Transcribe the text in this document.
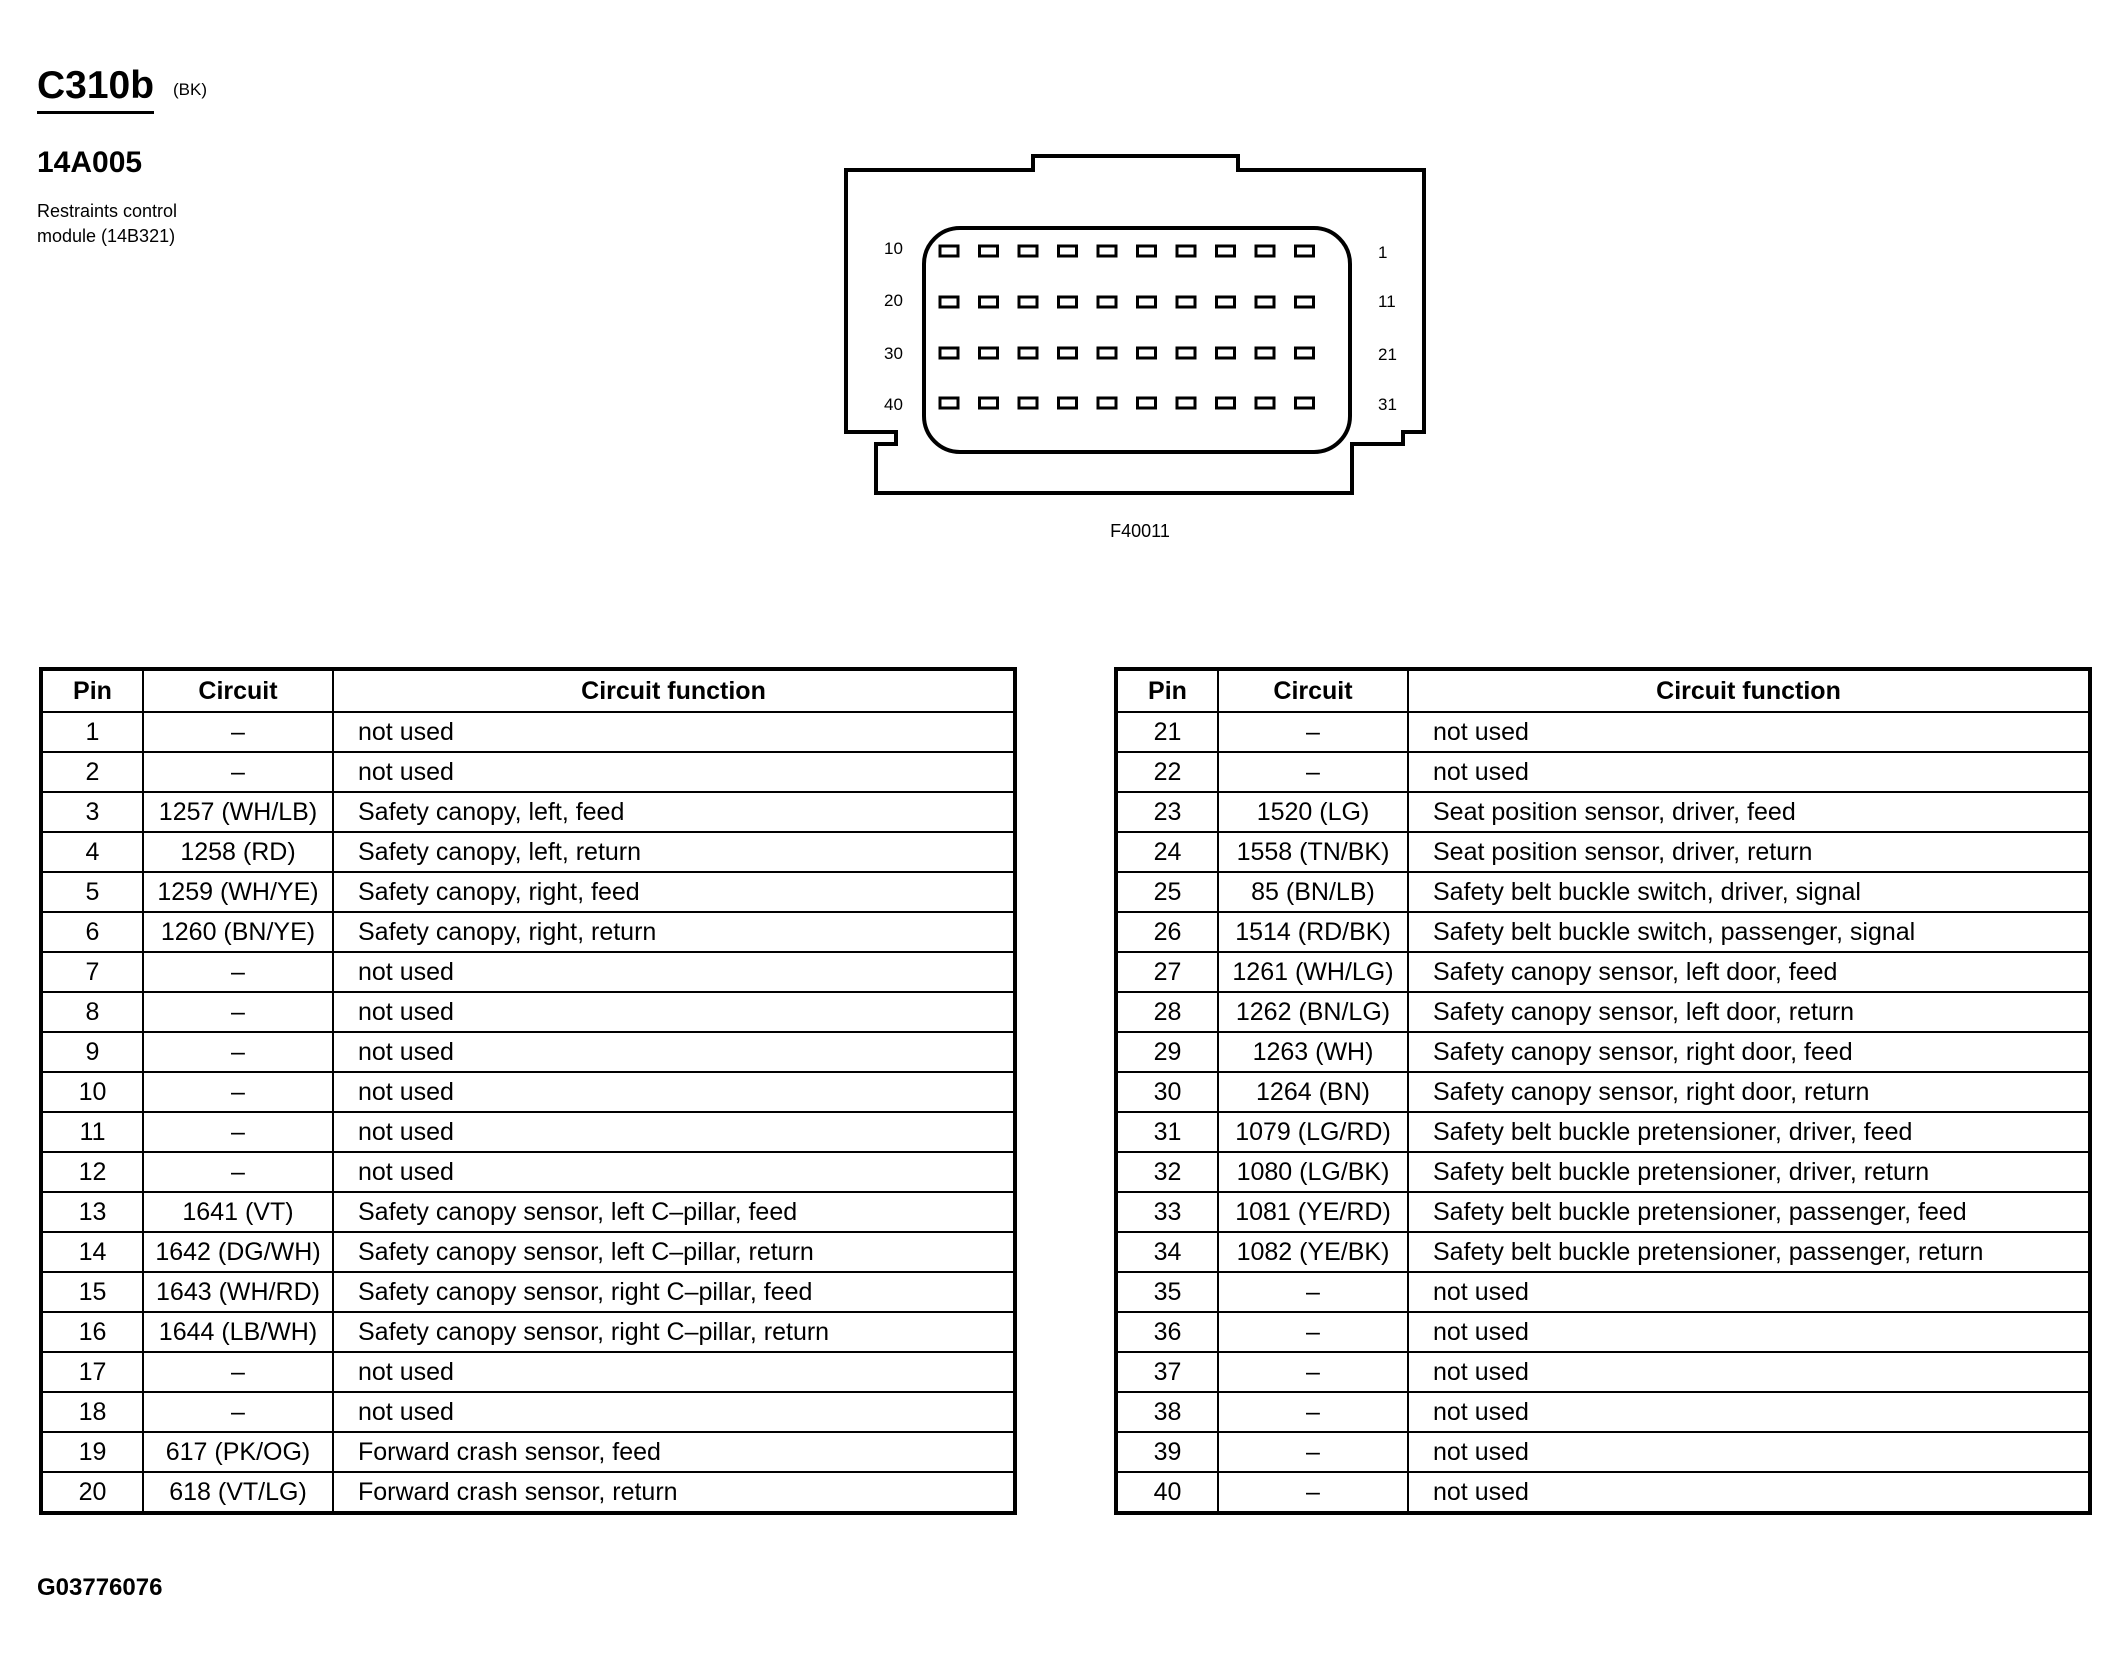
C310b (BK)
14A005
Restraints control
module (14B321)
10
20
30
40
1
11
21
31
F40011
Pin	Circuit	Circuit function
1	–	not used
2	–	not used
3	1257 (WH/LB)	Safety canopy, left, feed
4	1258 (RD)	Safety canopy, left, return
5	1259 (WH/YE)	Safety canopy, right, feed
6	1260 (BN/YE)	Safety canopy, right, return
7	–	not used
8	–	not used
9	–	not used
10	–	not used
11	–	not used
12	–	not used
13	1641 (VT)	Safety canopy sensor, left C–pillar, feed
14	1642 (DG/WH)	Safety canopy sensor, left C–pillar, return
15	1643 (WH/RD)	Safety canopy sensor, right C–pillar, feed
16	1644 (LB/WH)	Safety canopy sensor, right C–pillar, return
17	–	not used
18	–	not used
19	617 (PK/OG)	Forward crash sensor, feed
20	618 (VT/LG)	Forward crash sensor, return
Pin	Circuit	Circuit function
21	–	not used
22	–	not used
23	1520 (LG)	Seat position sensor, driver, feed
24	1558 (TN/BK)	Seat position sensor, driver, return
25	85 (BN/LB)	Safety belt buckle switch, driver, signal
26	1514 (RD/BK)	Safety belt buckle switch, passenger, signal
27	1261 (WH/LG)	Safety canopy sensor, left door, feed
28	1262 (BN/LG)	Safety canopy sensor, left door, return
29	1263 (WH)	Safety canopy sensor, right door, feed
30	1264 (BN)	Safety canopy sensor, right door, return
31	1079 (LG/RD)	Safety belt buckle pretensioner, driver, feed
32	1080 (LG/BK)	Safety belt buckle pretensioner, driver, return
33	1081 (YE/RD)	Safety belt buckle pretensioner, passenger, feed
34	1082 (YE/BK)	Safety belt buckle pretensioner, passenger, return
35	–	not used
36	–	not used
37	–	not used
38	–	not used
39	–	not used
40	–	not used
G03776076
